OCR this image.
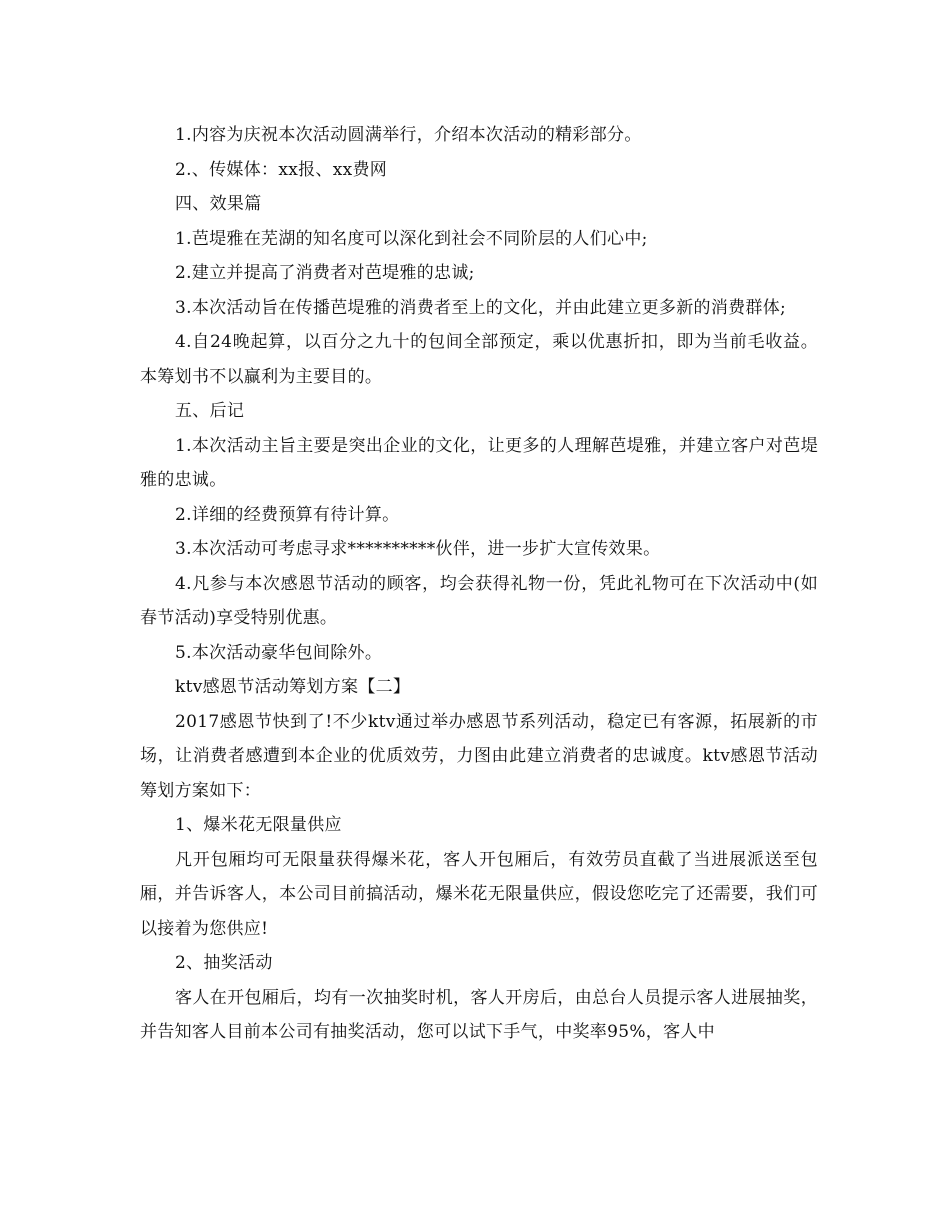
1.内容为庆祝本次活动圆满举行，介绍本次活动的精彩部分。

2.、传媒体：xx报、xx费网

四、效果篇

1.芭堤雅在芜湖的知名度可以深化到社会不同阶层的人们心中;

2.建立并提高了消费者对芭堤雅的忠诚;

3.本次活动旨在传播芭堤雅的消费者至上的文化，并由此建立更多新的消费群体;

4.自24晚起算，以百分之九十的包间全部预定，乘以优惠折扣，即为当前毛收益。本筹划书不以赢利为主要目的。

五、后记

1.本次活动主旨主要是突出企业的文化，让更多的人理解芭堤雅，并建立客户对芭堤雅的忠诚。

2.详细的经费预算有待计算。

3.本次活动可考虑寻求**********伙伴，进一步扩大宣传效果。

4.凡参与本次感恩节活动的顾客，均会获得礼物一份，凭此礼物可在下次活动中(如春节活动)享受特别优惠。

5.本次活动豪华包间除外。

ktv感恩节活动筹划方案【二】

2017感恩节快到了!不少ktv通过举办感恩节系列活动，稳定已有客源，拓展新的市场，让消费者感遭到本企业的优质效劳，力图由此建立消费者的忠诚度。ktv感恩节活动筹划方案如下：

1、爆米花无限量供应

凡开包厢均可无限量获得爆米花，客人开包厢后，有效劳员直截了当进展派送至包厢，并告诉客人，本公司目前搞活动，爆米花无限量供应，假设您吃完了还需要，我们可以接着为您供应!

2、抽奖活动

客人在开包厢后，均有一次抽奖时机，客人开房后，由总台人员提示客人进展抽奖，并告知客人目前本公司有抽奖活动，您可以试下手气，中奖率95%，客人中
